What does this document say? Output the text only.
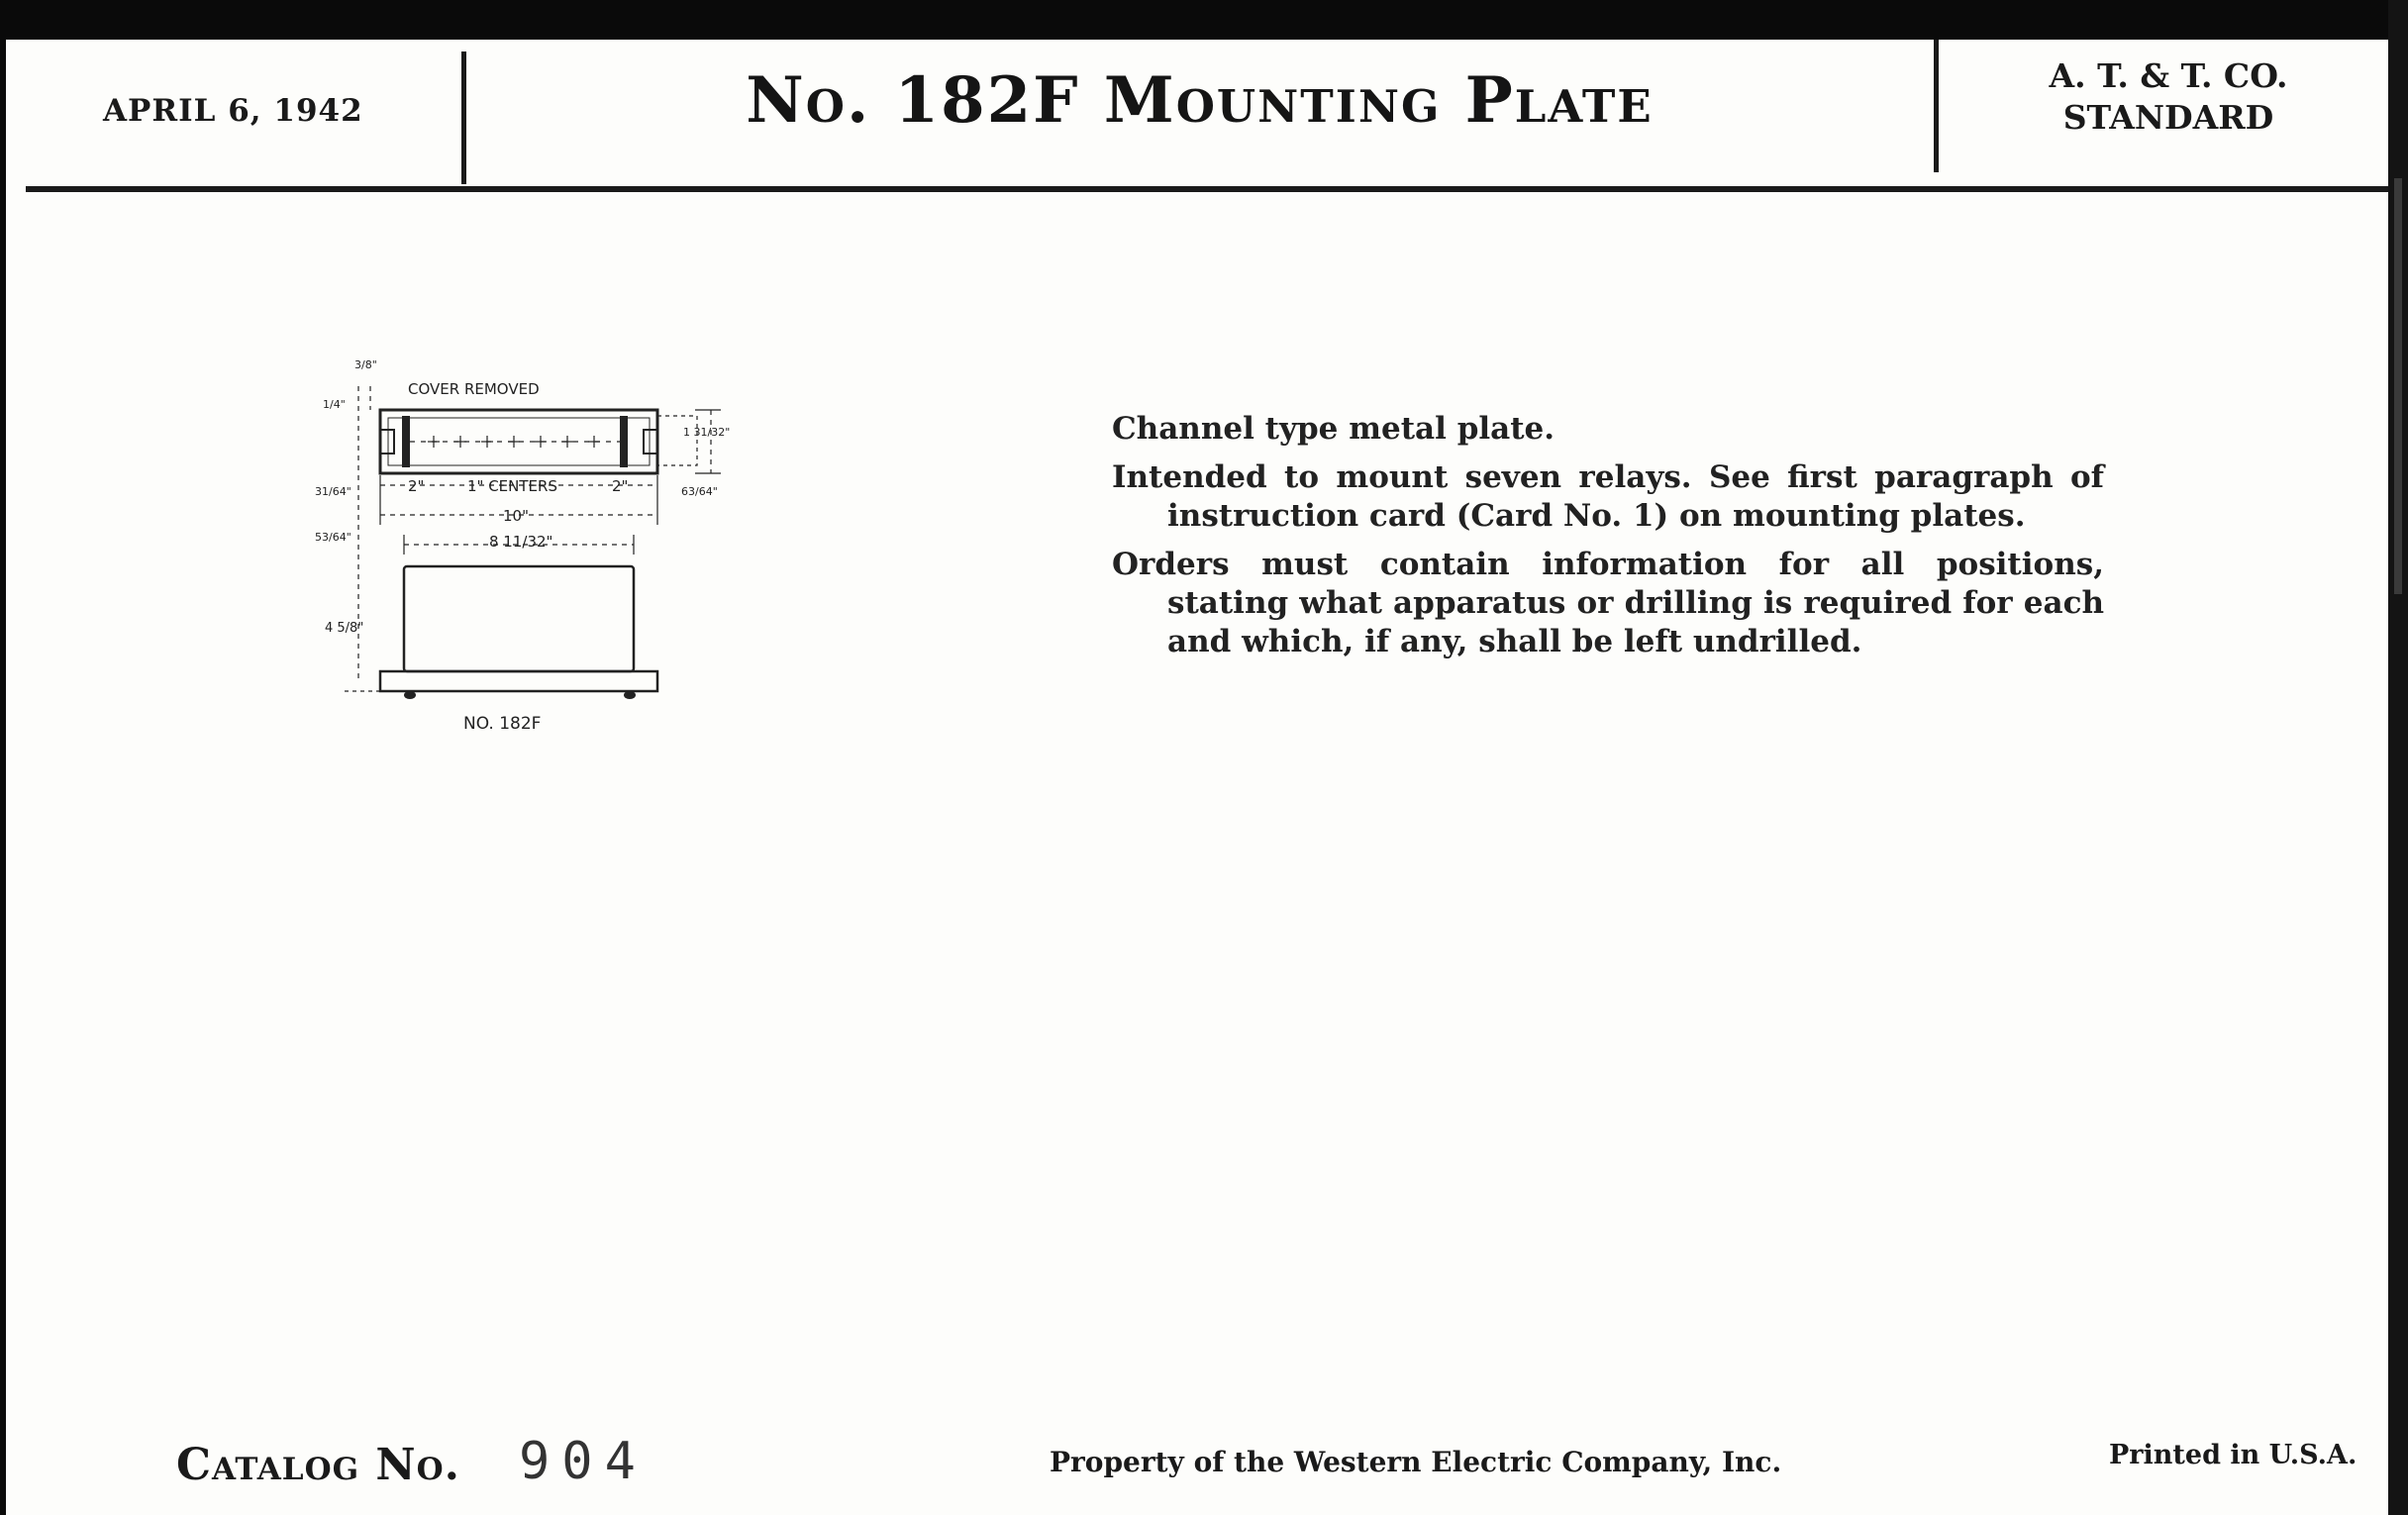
APRIL 6, 1942	No. 182F Mounting Plate	A. T. & T. CO.
STANDARD
COVER REMOVED
1" CENTERS
2"	2"
10"
8 11/32"
4 5/8"
3/8"
1/4"
31/64"	63/64"
53/64"
1 31/32"
NO. 182F

Channel type metal plate.

Intended to mount seven relays. See first paragraph of instruction card (Card No. 1) on mounting plates.

Orders must contain information for all positions, stating what apparatus or drilling is required for each and which, if any, shall be left undrilled.

Catalog No. 904	Property of the Western Electric Company, Inc.	Printed in U.S.A.
